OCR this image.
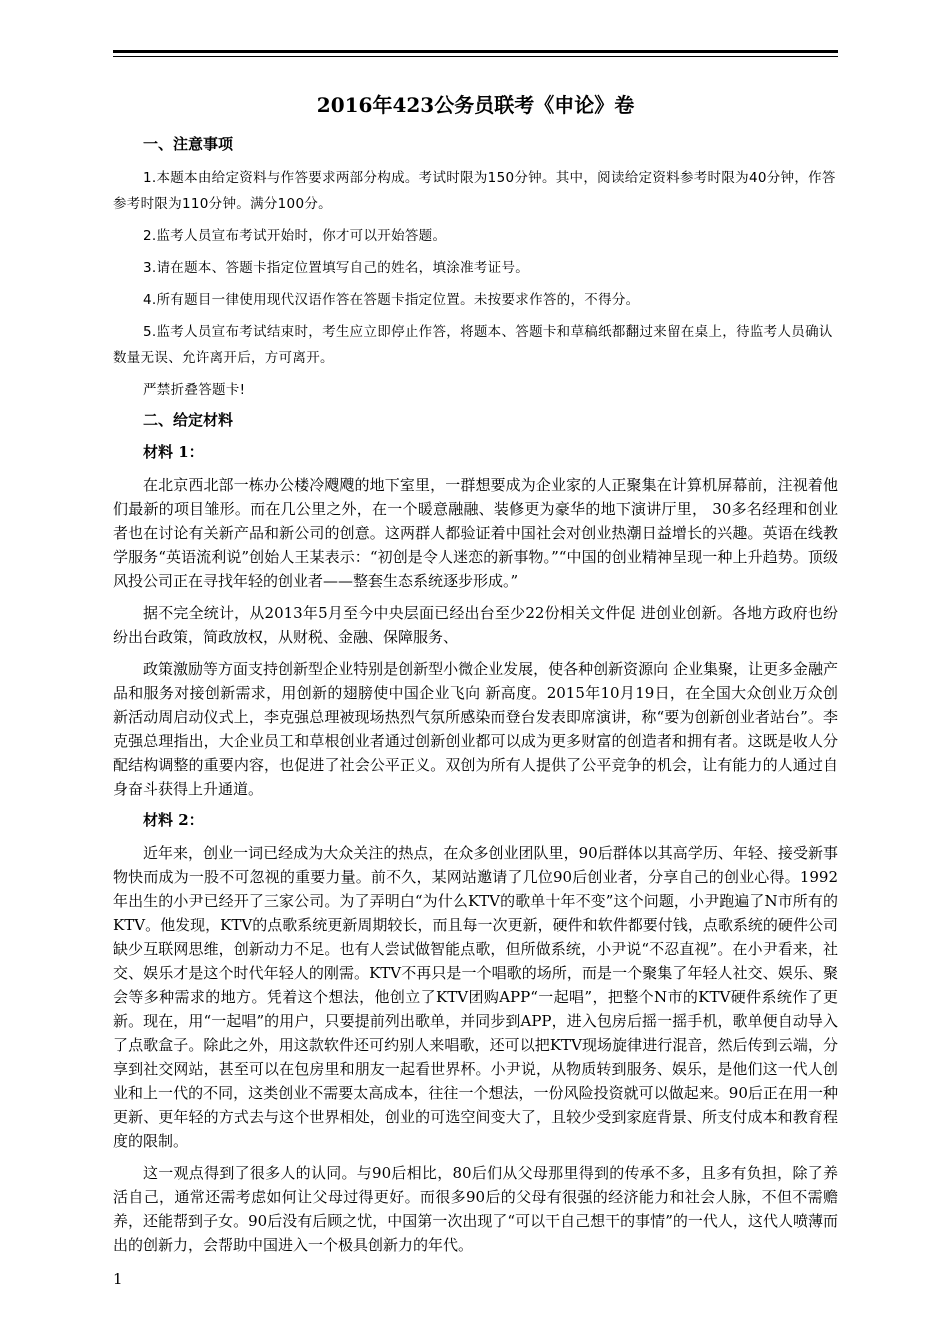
2016年423公务员联考《申论》卷
一、注意事项

1.本题本由给定资料与作答要求两部分构成。考试时限为150分钟。其中，阅读给定资料参考时限为40分钟，作答参考时限为110分钟。满分100分。

2.监考人员宣布考试开始时，你才可以开始答题。

3.请在题本、答题卡指定位置填写自己的姓名，填涂准考证号。

4.所有题目一律使用现代汉语作答在答题卡指定位置。未按要求作答的，不得分。

5.监考人员宣布考试结束时，考生应立即停止作答，将题本、答题卡和草稿纸都翻过来留在桌上，待监考人员确认数量无误、允许离开后，方可离开。

严禁折叠答题卡!

二、给定材料
材料 1：

在北京西北部一栋办公楼冷飕飕的地下室里，一群想要成为企业家的人正聚集在计算机屏幕前，注视着他们最新的项目雏形。而在几公里之外，在一个暖意融融、装修更为豪华的地下演讲厅里， 30多名经理和创业者也在讨论有关新产品和新公司的创意。这两群人都验证着中国社会对创业热潮日益增长的兴趣。英语在线教学服务“英语流利说”创始人王某表示：“初创是令人迷恋的新事物。”“中国的创业精神呈现一种上升趋势。顶级风投公司正在寻找年轻的创业者——整套生态系统逐步形成。”

据不完全统计，从2013年5月至今中央层面已经出台至少22份相关文件促 进创业创新。各地方政府也纷纷出台政策，简政放权，从财税、金融、保障服务、

政策激励等方面支持创新型企业特别是创新型小微企业发展，使各种创新资源向 企业集聚，让更多金融产品和服务对接创新需求，用创新的翅膀使中国企业飞向 新高度。2015年10月19日，在全国大众创业万众创新活动周启动仪式上，李克强总理被现场热烈气氛所感染而登台发表即席演讲，称“要为创新创业者站台”。李克强总理指出，大企业员工和草根创业者通过创新创业都可以成为更多财富的创造者和拥有者。这既是收人分配结构调整的重要内容，也促进了社会公平正义。双创为所有人提供了公平竞争的机会，让有能力的人通过自身奋斗获得上升通道。

材料 2：

近年来，创业一词已经成为大众关注的热点，在众多创业团队里，90后群体以其高学历、年轻、接受新事物快而成为一股不可忽视的重要力量。前不久，某网站邀请了几位90后创业者，分享自己的创业心得。1992年出生的小尹已经开了三家公司。为了弄明白“为什么KTV的歌单十年不变”这个问题，小尹跑遍了N市所有的KTV。他发现，KTV的点歌系统更新周期较长，而且每一次更新，硬件和软件都要付钱，点歌系统的硬件公司缺少互联网思维，创新动力不足。也有人尝试做智能点歌，但所做系统，小尹说“不忍直视”。在小尹看来，社交、娱乐才是这个时代年轻人的刚需。KTV不再只是一个唱歌的场所，而是一个聚集了年轻人社交、娱乐、聚会等多种需求的地方。凭着这个想法，他创立了KTV团购APP“一起唱”，把整个N市的KTV硬件系统作了更新。现在，用“一起唱”的用户，只要提前列出歌单，并同步到APP，进入包房后摇一摇手机，歌单便自动导入了点歌盒子。除此之外，用这款软件还可约别人来唱歌，还可以把KTV现场旋律进行混音，然后传到云端，分享到社交网站，甚至可以在包房里和朋友一起看世界杯。小尹说，从物质转到服务、娱乐，是他们这一代人创业和上一代的不同，这类创业不需要太高成本，往往一个想法，一份风险投资就可以做起来。90后正在用一种更新、更年轻的方式去与这个世界相处，创业的可选空间变大了，且较少受到家庭背景、所支付成本和教育程度的限制。

这一观点得到了很多人的认同。与90后相比，80后们从父母那里得到的传承不多，且多有负担，除了养活自己，通常还需考虑如何让父母过得更好。而很多90后的父母有很强的经济能力和社会人脉，不但不需赡养，还能帮到子女。90后没有后顾之忧，中国第一次出现了“可以干自己想干的事情”的一代人，这代人喷薄而出的创新力，会帮助中国进入一个极具创新力的年代。

1
